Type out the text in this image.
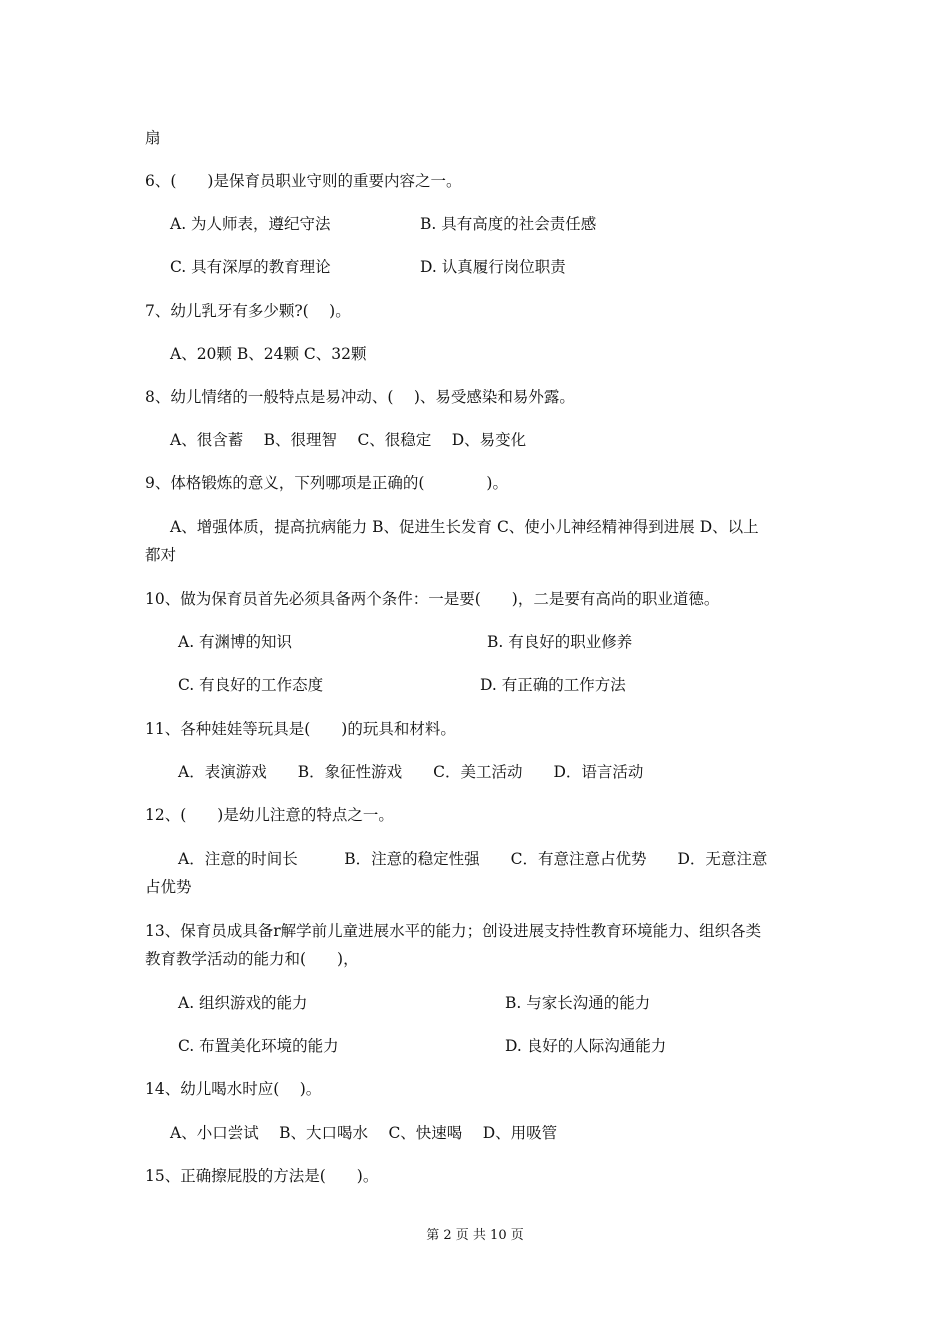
扇
6、(　　)是保育员职业守则的重要内容之一。
A. 为人师表，遵纪守法	B. 具有高度的社会责任感
C. 具有深厚的教育理论	D. 认真履行岗位职责
7、幼儿乳牙有多少颗?(　 )。
A、20颗 B、24颗 C、32颗
8、幼儿情绪的一般特点是易冲动、(　 )、易受感染和易外露。
A、很含蓄　 B、很理智　 C、很稳定　 D、易变化
9、体格锻炼的意义，下列哪项是正确的(　　　　)。
A、增强体质，提高抗病能力 B、促进生长发育 C、使小儿神经精神得到进展 D、以上
都对
10、做为保育员首先必须具备两个条件：一是要(　　)，二是要有高尚的职业道德。
A. 有渊博的知识	B. 有良好的职业修养
C. 有良好的工作态度	D. 有正确的工作方法
11、各种娃娃等玩具是(　　)的玩具和材料。
A．表演游戏　　B．象征性游戏　　C．美工活动　　D．语言活动
12、(　　)是幼儿注意的特点之一。
A．注意的时间长　　　B．注意的稳定性强　　C．有意注意占优势　　D．无意注意
占优势
13、保育员成具备r解学前儿童进展水平的能力；创设进展支持性教育环境能力、组织各类
教育教学活动的能力和(　　)，
A. 组织游戏的能力	B. 与家长沟通的能力
C. 布置美化环境的能力	D. 良好的人际沟通能力
14、幼儿喝水时应(　 )。
A、小口尝试　 B、大口喝水　 C、快速喝　 D、用吸管
15、正确擦屁股的方法是(　　)。
第 2 页 共 10 页
